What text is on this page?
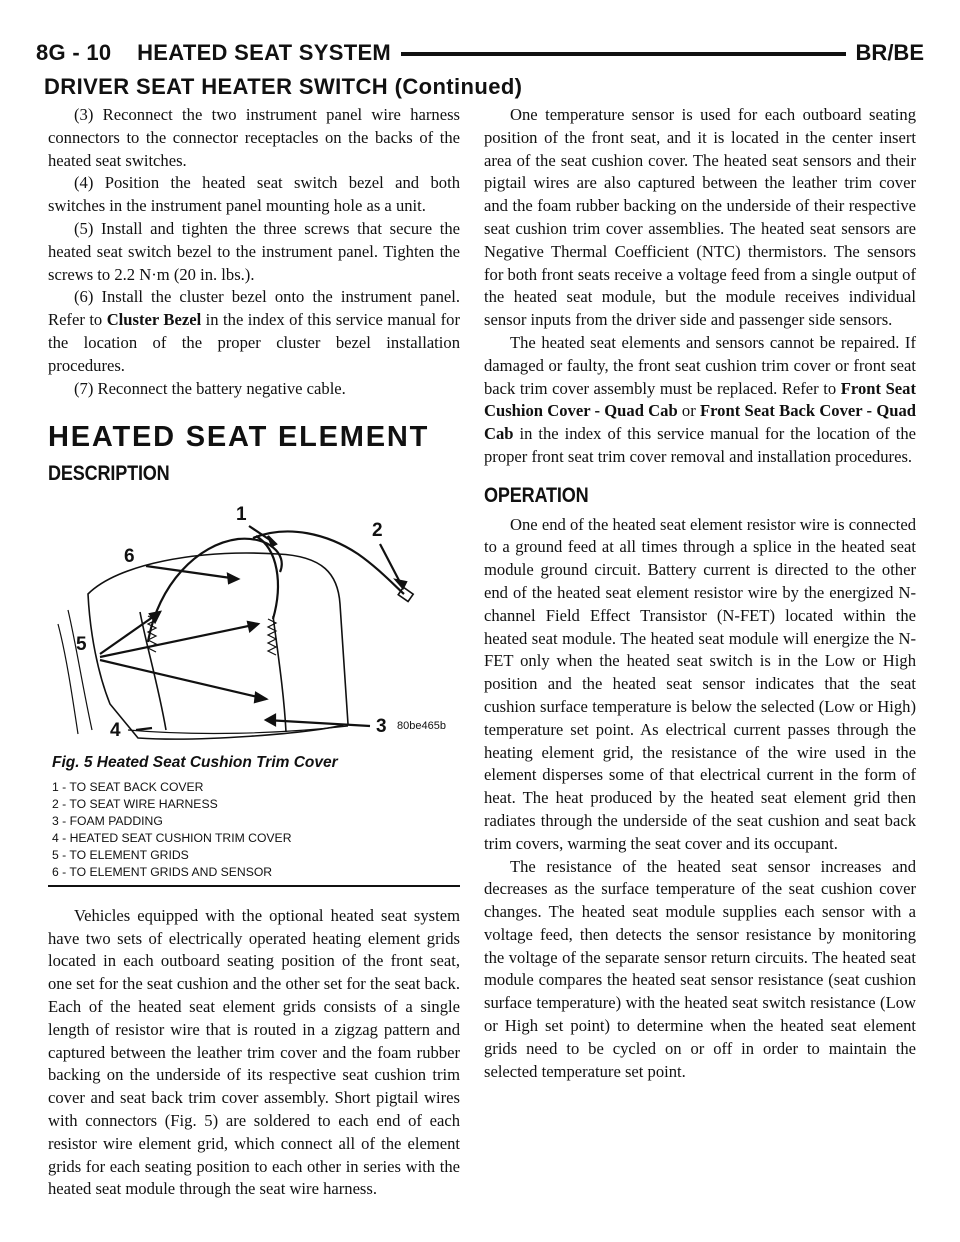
8G - 10    HEATED SEAT SYSTEM	BR/BE
DRIVER SEAT HEATER SWITCH (Continued)

(3) Reconnect the two instrument panel wire harness connectors to the connector receptacles on the backs of the heated seat switches.

(4) Position the heated seat switch bezel and both switches in the instrument panel mounting hole as a unit.

(5) Install and tighten the three screws that secure the heated seat switch bezel to the instrument panel. Tighten the screws to 2.2 N·m (20 in. lbs.).

(6) Install the cluster bezel onto the instrument panel. Refer to Cluster Bezel in the index of this service manual for the location of the proper cluster bezel installation procedures.

(7) Reconnect the battery negative cable.

HEATED SEAT ELEMENT
DESCRIPTION
1
2
6
5
3
4	80be465b
Fig. 5 Heated Seat Cushion Trim Cover
1 - TO SEAT BACK COVER
2 - TO SEAT WIRE HARNESS
3 - FOAM PADDING
4 - HEATED SEAT CUSHION TRIM COVER
5 - TO ELEMENT GRIDS
6 - TO ELEMENT GRIDS AND SENSOR

Vehicles equipped with the optional heated seat system have two sets of electrically operated heating element grids located in each outboard seating position of the front seat, one set for the seat cushion and the other set for the seat back. Each of the heated seat element grids consists of a single length of resistor wire that is routed in a zigzag pattern and captured between the leather trim cover and the foam rubber backing on the underside of its respective seat cushion trim cover and seat back trim cover assembly. Short pigtail wires with connectors (Fig. 5) are soldered to each end of each resistor wire element grid, which connect all of the element grids for each seating position to each other in series with the heated seat module through the seat wire harness.

One temperature sensor is used for each outboard seating position of the front seat, and it is located in the center insert area of the seat cushion cover. The heated seat sensors and their pigtail wires are also captured between the leather trim cover and the foam rubber backing on the underside of their respective seat cushion trim cover assemblies. The heated seat sensors are Negative Thermal Coefficient (NTC) thermistors. The sensors for both front seats receive a voltage feed from a single output of the heated seat module, but the module receives individual sensor inputs from the driver side and passenger side sensors.

The heated seat elements and sensors cannot be repaired. If damaged or faulty, the front seat cushion trim cover or front seat back trim cover assembly must be replaced. Refer to Front Seat Cushion Cover - Quad Cab or Front Seat Back Cover - Quad Cab in the index of this service manual for the location of the proper front seat trim cover removal and installation procedures.

OPERATION

One end of the heated seat element resistor wire is connected to a ground feed at all times through a splice in the heated seat module ground circuit. Battery current is directed to the other end of the heated seat element resistor wire by the energized N-channel Field Effect Transistor (N-FET) located within the heated seat module. The heated seat module will energize the N-FET only when the heated seat switch is in the Low or High position and the heated seat sensor indicates that the seat cushion surface temperature is below the selected (Low or High) temperature set point. As electrical current passes through the heating element grid, the resistance of the wire used in the element disperses some of that electrical current in the form of heat. The heat produced by the heated seat element grid then radiates through the underside of the seat cushion and seat back trim covers, warming the seat cover and its occupant.

The resistance of the heated seat sensor increases and decreases as the surface temperature of the seat cushion cover changes. The heated seat module supplies each sensor with a voltage feed, then detects the sensor resistance by monitoring the voltage of the separate sensor return circuits. The heated seat module compares the heated seat sensor resistance (seat cushion surface temperature) with the heated seat switch resistance (Low or High set point) to determine when the heated seat element grids need to be cycled on or off in order to maintain the selected temperature set point.
